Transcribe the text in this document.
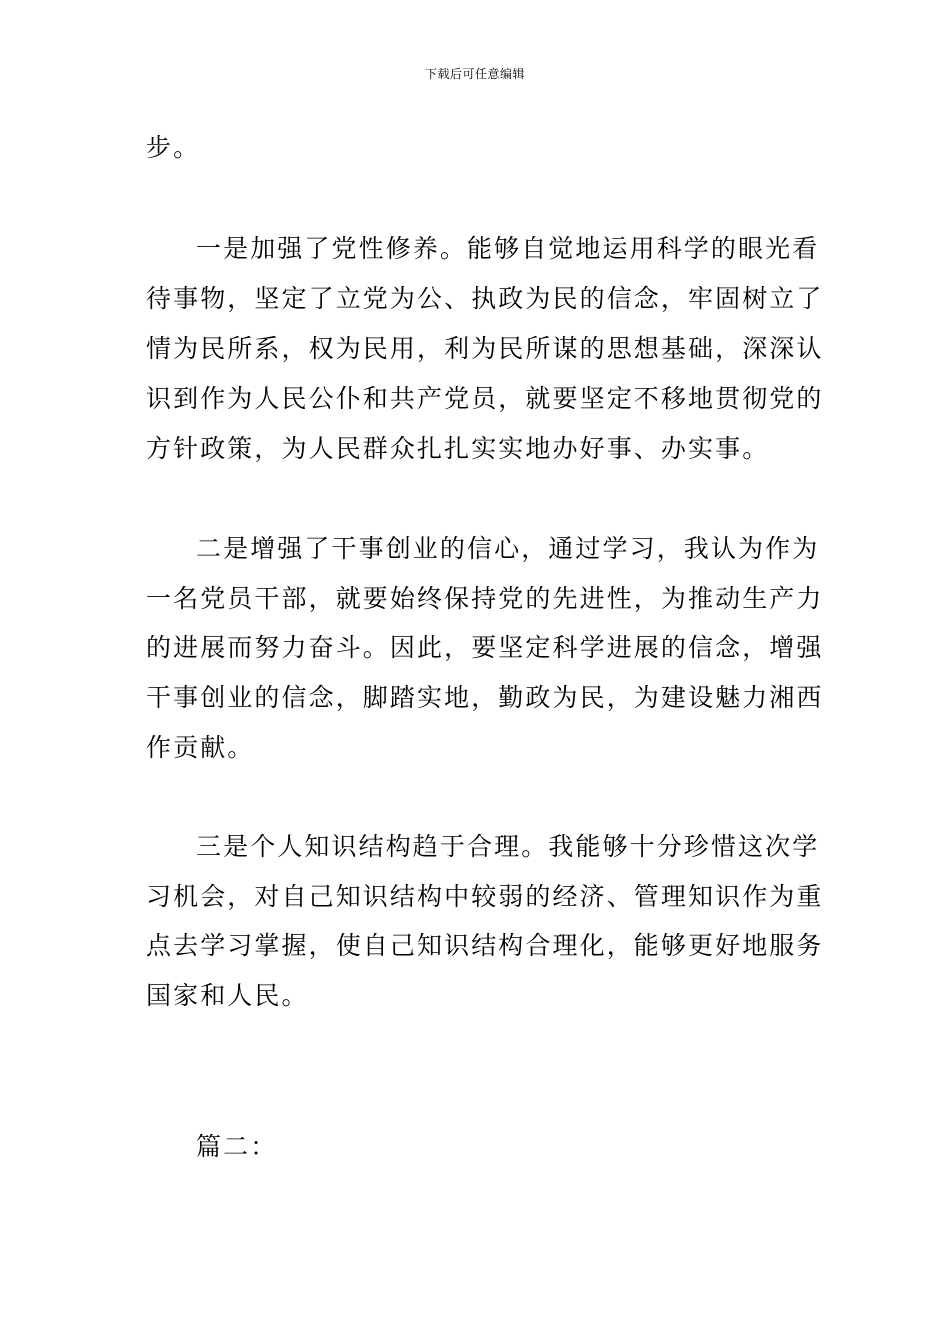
下载后可任意编辑
步。
一是加强了党性修养。能够自觉地运用科学的眼光看
待事物，坚定了立党为公、执政为民的信念，牢固树立了
情为民所系，权为民用，利为民所谋的思想基础，深深认
识到作为人民公仆和共产党员，就要坚定不移地贯彻党的
方针政策，为人民群众扎扎实实地办好事、办实事。
二是增强了干事创业的信心，通过学习，我认为作为
一名党员干部，就要始终保持党的先进性，为推动生产力
的进展而努力奋斗。因此，要坚定科学进展的信念，增强
干事创业的信念，脚踏实地，勤政为民，为建设魅力湘西
作贡献。
三是个人知识结构趋于合理。我能够十分珍惜这次学
习机会，对自己知识结构中较弱的经济、管理知识作为重
点去学习掌握，使自己知识结构合理化，能够更好地服务
国家和人民。
篇二：
